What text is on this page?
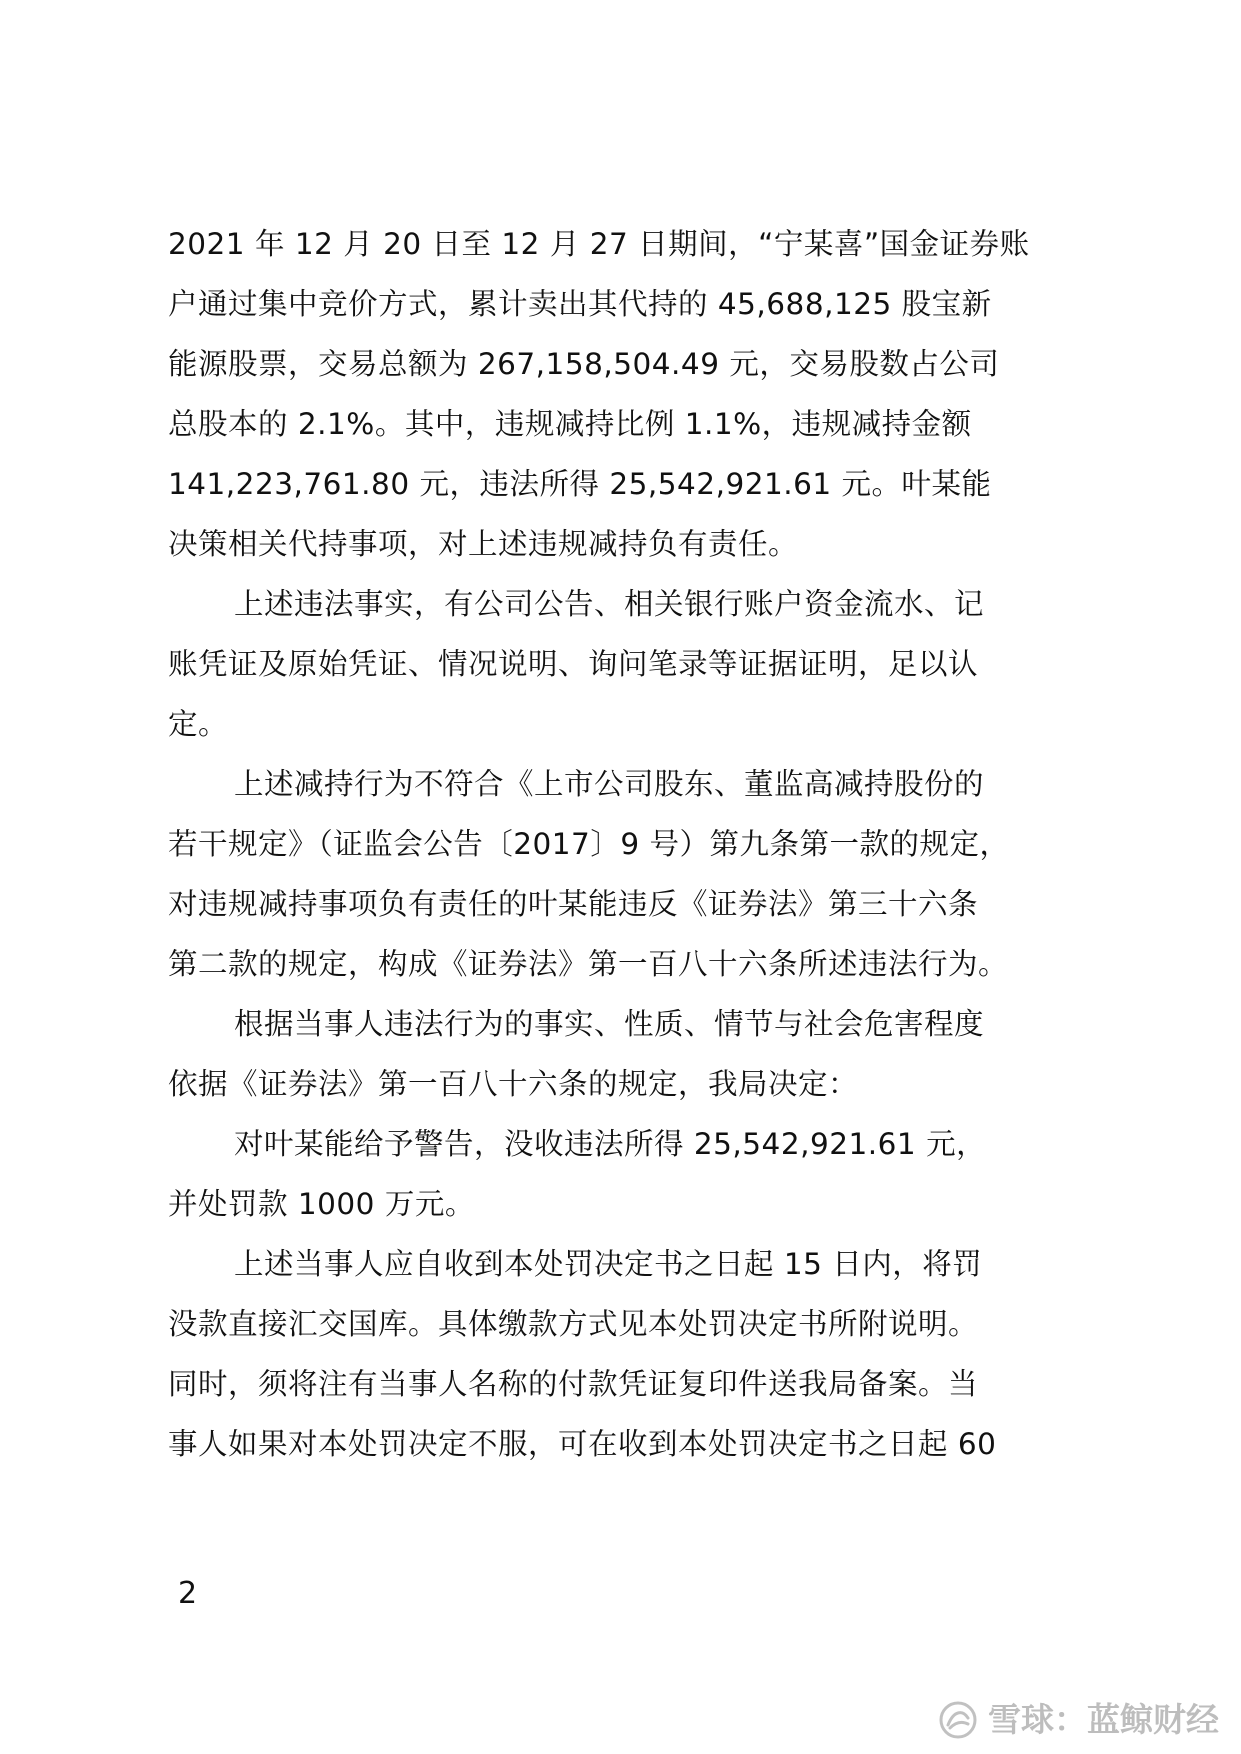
2021 年 12 月 20 日至 12 月 27 日期间，“宁某喜”国金证券账
户通过集中竞价方式，累计卖出其代持的 45,688,125 股宝新
能源股票，交易总额为 267,158,504.49 元，交易股数占公司
总股本的 2.1%。其中，违规减持比例 1.1%，违规减持金额
141,223,761.80 元，违法所得 25,542,921.61 元。叶某能
决策相关代持事项，对上述违规减持负有责任。
上述违法事实，有公司公告、相关银行账户资金流水、记
账凭证及原始凭证、情况说明、询问笔录等证据证明，足以认
定。
上述减持行为不符合《上市公司股东、董监高减持股份的
若干规定》（证监会公告〔2017〕9 号）第九条第一款的规定，
对违规减持事项负有责任的叶某能违反《证券法》第三十六条
第二款的规定，构成《证券法》第一百八十六条所述违法行为。
根据当事人违法行为的事实、性质、情节与社会危害程度
依据《证券法》第一百八十六条的规定，我局决定：
对叶某能给予警告，没收违法所得 25,542,921.61 元，
并处罚款 1000 万元。
上述当事人应自收到本处罚决定书之日起 15 日内，将罚
没款直接汇交国库。具体缴款方式见本处罚决定书所附说明。
同时，须将注有当事人名称的付款凭证复印件送我局备案。当
事人如果对本处罚决定不服，可在收到本处罚决定书之日起 60
2
雪球：蓝鲸财经
